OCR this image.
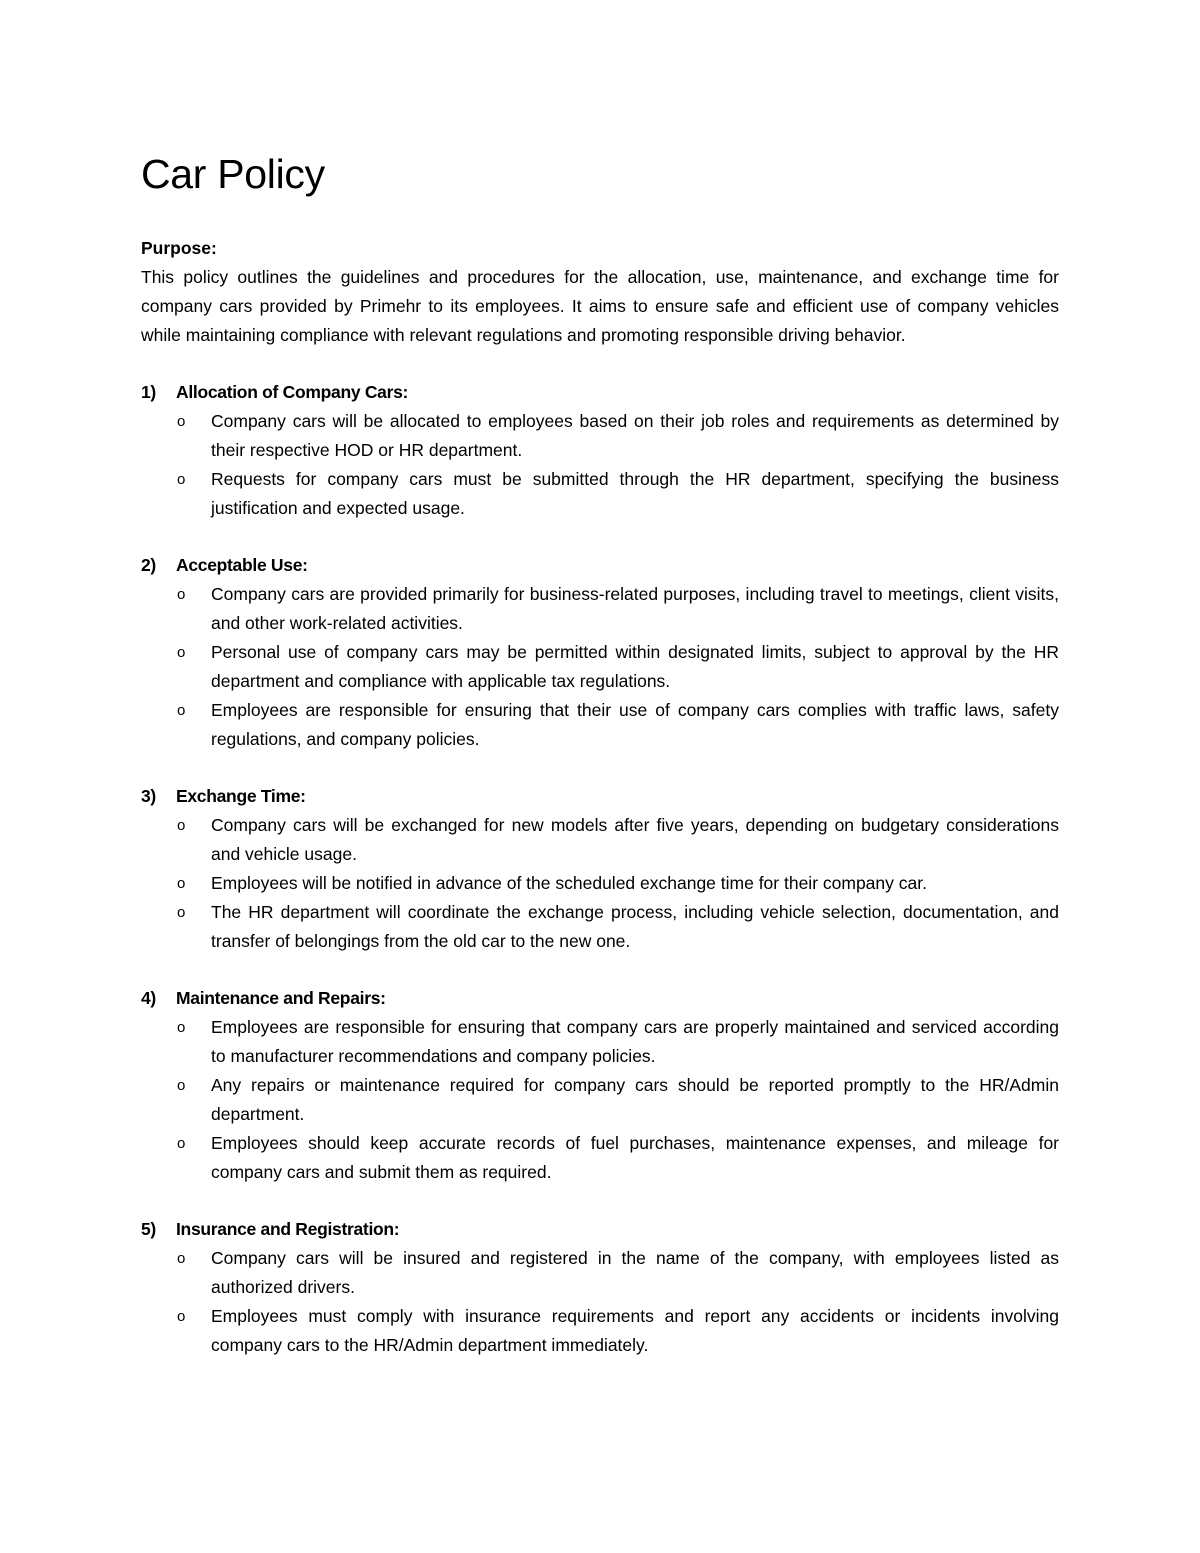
Car Policy
Purpose:

This policy outlines the guidelines and procedures for the allocation, use, maintenance, and exchange time for company cars provided by Primehr to its employees. It aims to ensure safe and efficient use of company vehicles while maintaining compliance with relevant regulations and promoting responsible driving behavior.

1)	Allocation of Company Cars:
o Company cars will be allocated to employees based on their job roles and requirements as determined by their respective HOD or HR department.
o Requests for company cars must be submitted through the HR department, specifying the business justification and expected usage.
2)	Acceptable Use:
o Company cars are provided primarily for business-related purposes, including travel to meetings, client visits, and other work-related activities.
o Personal use of company cars may be permitted within designated limits, subject to approval by the HR department and compliance with applicable tax regulations.
o Employees are responsible for ensuring that their use of company cars complies with traffic laws, safety regulations, and company policies.
3)	Exchange Time:
o Company cars will be exchanged for new models after five years, depending on budgetary considerations and vehicle usage.
o Employees will be notified in advance of the scheduled exchange time for their company car.
o The HR department will coordinate the exchange process, including vehicle selection, documentation, and transfer of belongings from the old car to the new one.
4)	Maintenance and Repairs:
o Employees are responsible for ensuring that company cars are properly maintained and serviced according to manufacturer recommendations and company policies.
o Any repairs or maintenance required for company cars should be reported promptly to the HR/Admin department.
o Employees should keep accurate records of fuel purchases, maintenance expenses, and mileage for company cars and submit them as required.
5)	Insurance and Registration:
o Company cars will be insured and registered in the name of the company, with employees listed as authorized drivers.
o Employees must comply with insurance requirements and report any accidents or incidents involving company cars to the HR/Admin department immediately.
